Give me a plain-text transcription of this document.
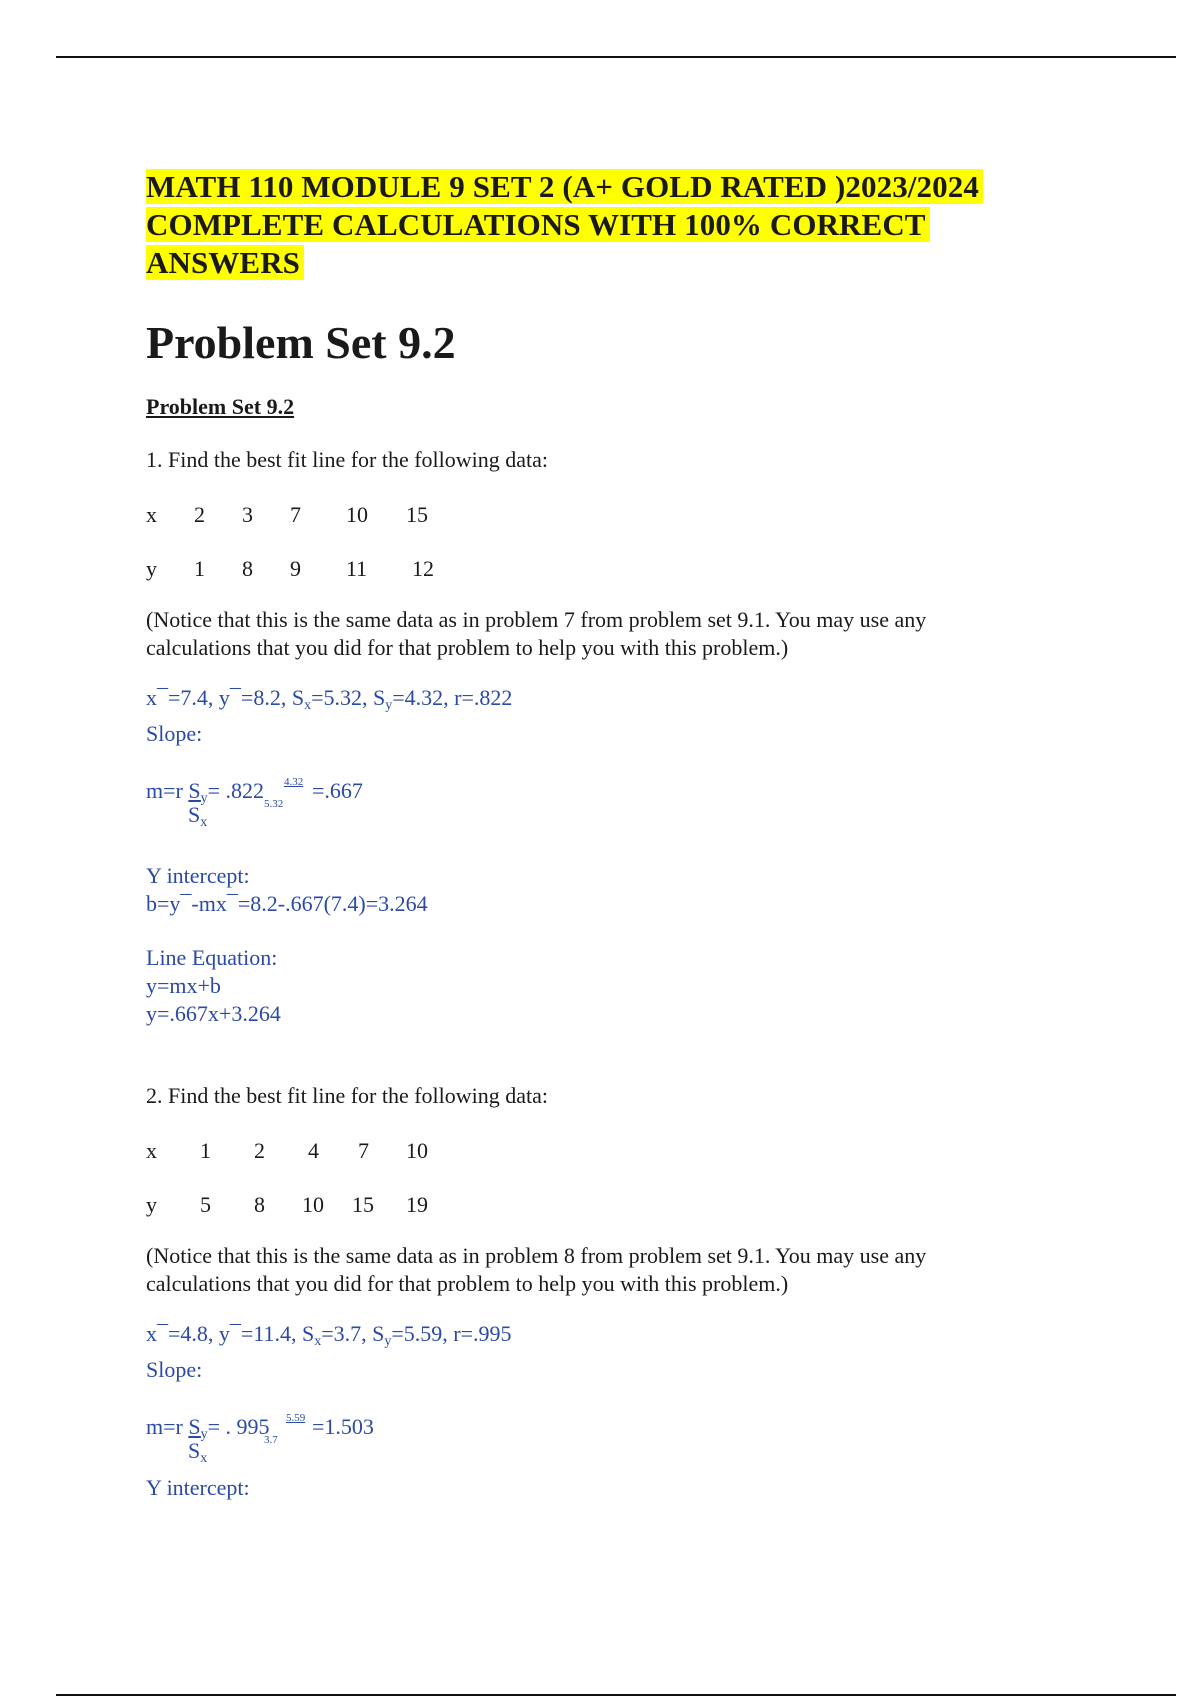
MATH 110 MODULE 9 SET 2 (A+ GOLD RATED )2023/2024
COMPLETE CALCULATIONS WITH 100% CORRECT
ANSWERS
Problem Set 9.2
Problem Set 9.2
1. Find the best fit line for the following data:
x 2 3 7 10 15
y 1 8 9 11 12
(Notice that this is the same data as in problem 7 from problem set 9.1. You may use any calculations that you did for that problem to help you with this problem.)
x¯=7.4, y¯=8.2, $S_x=5.32$, $S_y=4.32$, r=.822
Slope:
m=r $S_y= .822$ 4.32 =.667
$S_x$
5.32
Y intercept:
b=y¯-mx¯=8.2-.667(7.4)=3.264
Line Equation:
y=mx+b
y=.667x+3.264
2. Find the best fit line for the following data:
x 1 2 4 7 10
y 5 8 10 15 19
(Notice that this is the same data as in problem 8 from problem set 9.1. You may use any calculations that you did for that problem to help you with this problem.)
x¯=4.8, y¯=11.4, $S_x=3.7$, $S_y=5.59$, r=.995
Slope:
m=r $S_y=$ . 995 5.59 =1.503
$S_x$
3.7
Y intercept:
